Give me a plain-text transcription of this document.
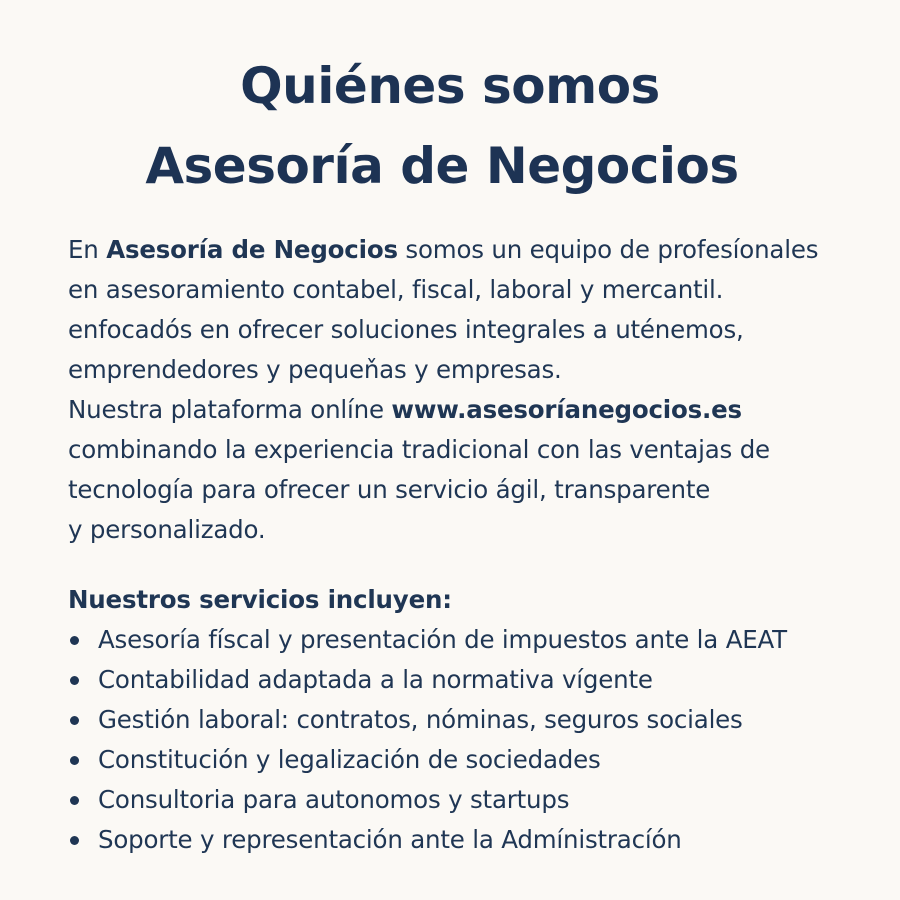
Quiénes somos
Asesoría de Negocios
En Asesoría de Negocios somos un equipo de profesíonales
en asesoramiento contabel, fiscal, laboral y mercantil.
enfocadós en ofrecer soluciones integrales a uténemos,
emprendedores y pequeňas y empresas.
Nuestra plataforma onlíne www.asesoríanegocios.es
combinando la experiencia tradicional con las ventajas de
tecnología para ofrecer un servicio ágil, transparente
y personalizado.
Nuestros servicios incluyen:
Asesoría físcal y presentación de impuestos ante la AEAT
Contabilidad adaptada a la normativa vígente
Gestión laboral: contratos, nóminas, seguros sociales
Constitución y legalización de sociedades
Consultoria para autonomos y startups
Soporte y representación ante la Admínistracíón
